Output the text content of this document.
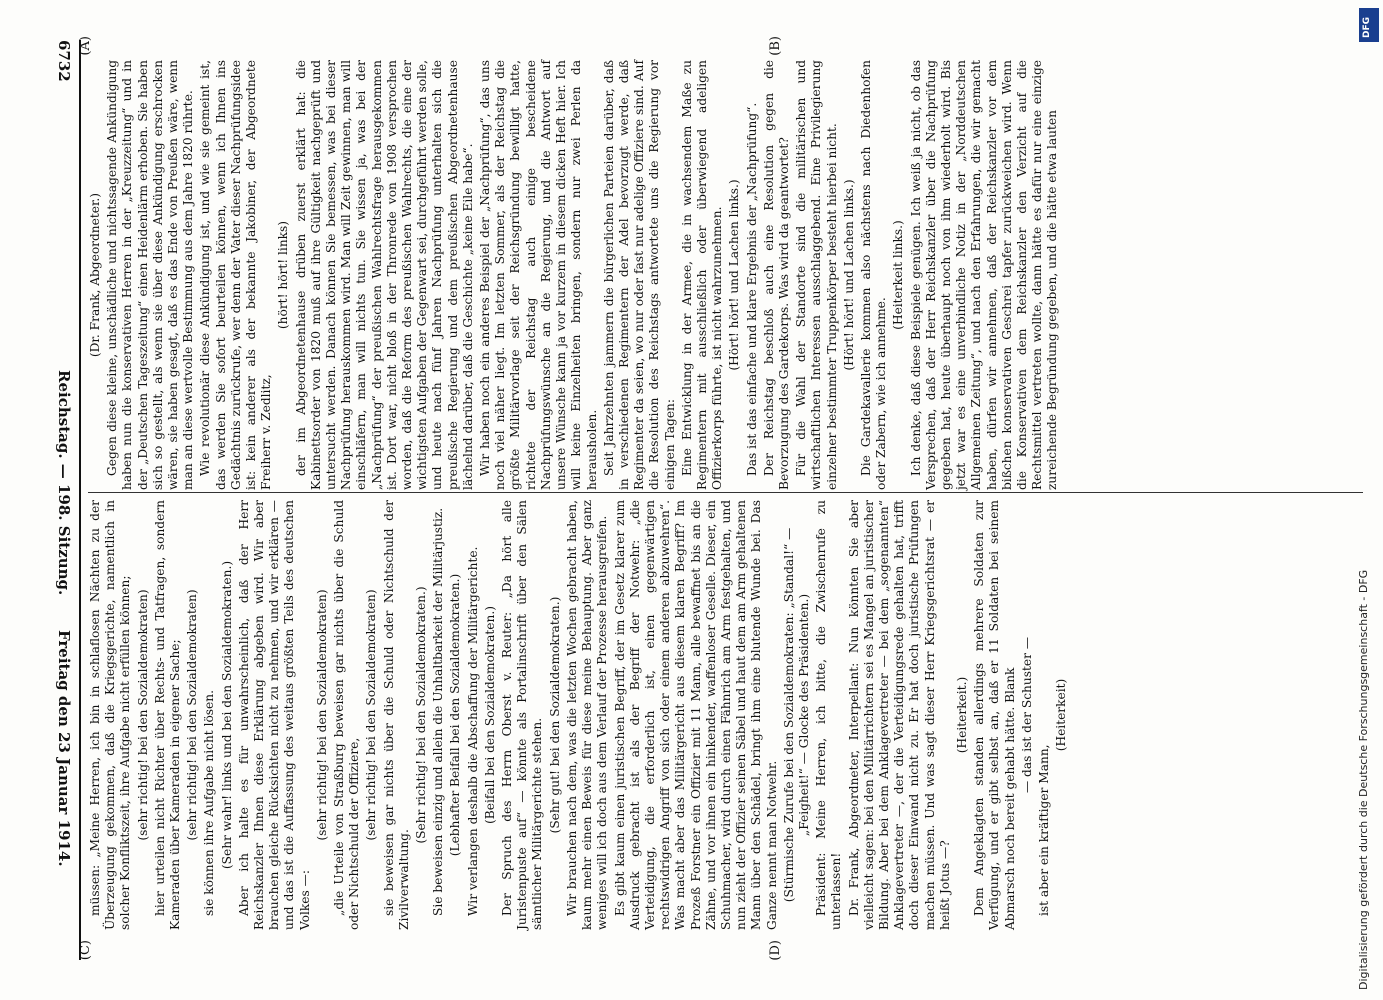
(Dr. Frank, Abgeordneter.) Gegen diese kleine, unschädliche und nichtssagende Ankündigung haben nun die konservativen Herren in der „Kreuzzeitung“ und in der „Deutschen Tageszeitung“ einen Heidenlärm erhoben. Sie haben sich so gestellt, als wenn sie über diese Ankündigung erschrocken wären, sie haben gesagt, daß es das Ende von Preußen wäre, wenn man an diese wertvolle Bestimmung aus dem Jahre 1820 rührte. Wie revolutionär diese Ankündigung ist, und wie sie gemeint ist, das werden Sie sofort beurteilen können, wenn ich Ihnen ins Gedächtnis zurückrufe, wer denn der Vater dieser Nachprüfungsidee ist: kein anderer als der bekannte Jakobiner, der Abgeordnete Freiherr v. Zedlitz,

(hört! hört! links) der im Abgeordnetenhause drüben zuerst erklärt hat: die Kabinettsorder von 1820 muß auf ihre Gültigkeit nachgeprüft und untersucht werden. Danach können Sie bemessen, was bei dieser Nachprüfung herauskommen wird. Man will Zeit gewinnen, man will einschläfern, man will nichts tun. Sie wissen ja, was bei der „Nachprüfung“ der preußischen Wahlrechtsfrage herausgekommen ist. Dort war, nicht bloß in der Thronrede von 1908 versprochen worden, daß die Reform des preußischen Wahlrechts, die eine der wichtigsten Aufgaben der Gegenwart sei, durchgeführt werden solle, und heute nach fünf Jahren Nachprüfung unterhalten sich die preußische Regierung und dem preußischen Abgeordnetenhause lächelnd darüber, daß die Geschichte „keine Eile habe“. Wir haben noch ein anderes Beispiel der „Nachprüfung“, das uns noch viel näher liegt. Im letzten Sommer, als der Reichstag die größte Militärvorlage seit der Reichsgründung bewilligt hatte, richtete der Reichstag auch einige bescheidene Nachprüfungswünsche an die Regierung, und die Antwort auf unsere Wünsche kann ja vor kurzem in diesem dicken Heft hier. Ich will keine Einzelheiten bringen, sondern nur zwei Perlen da herausholen. Seit Jahrzehnten jammern die bürgerlichen Parteien darüber, daß in verschiedenen Regimentern der Adel bevorzugt werde, daß Regimenter da seien, wo nur oder fast nur adelige Offiziere sind. Auf die Resolution des Reichstags antwortete uns die Regierung vor einigen Tagen: Eine Entwicklung in der Armee, die in wachsendem Maße zu Regimentern mit ausschließlich oder überwiegend adeligen Offizierkorps führte, ist nicht wahrzunehmen. (Hört! hört! und Lachen links.) Das ist das einfache und klare Ergebnis der „Nachprüfung“. Der Reichstag beschloß auch eine Resolution gegen die Bevorzugung des Gardekorps. Was wird da geantwortet? Für die Wahl der Standorte sind die militärischen und wirtschaftlichen Interessen ausschlaggebend. Eine Privilegierung einzelner bestimmter Truppenkörper besteht hierbei nicht. (Hört! hört! und Lachen links.) Die Gardekavallerie kommen also nächstens nach Diedenhofen oder Zabern, wie ich annehme.

(Heiterkeit links.) Ich denke, daß diese Beispiele genügen. Ich weiß ja nicht, ob das Versprechen, daß der Herr Reichskanzler über die Nachprüfung gegeben hat, heute überhaupt noch von ihm wiederholt wird. Bis jetzt war es eine unverbindliche Notiz in der „Norddeutschen Allgemeinen Zeitung“, und nach den Erfahrungen, die wir gemacht haben, dürfen wir annehmen, daß der Reichskanzler vor dem bißchen konservativen Geschrei tapfer zurückweichen wird. Wenn die Konservativen dem Reichskanzler den Verzicht auf die Rechtsmittel vertreten wollte, dann hätte es dafür nur eine einzige zureichende Begründung gegeben, und die hätte etwa lauten

müssen: „Meine Herren, ich bin in schlaflosen Nächten zu der Überzeugung gekommen, daß die Kriegsgerichte, namentlich in solcher Konfliktszeit, ihre Aufgabe nicht erfüllen können; (sehr richtig! bei den Sozialdemokraten) hier urteilen nicht Richter über Rechts- und Tatfragen, sondern Kameraden über Kameraden in eigener Sache; (sehr richtig! bei den Sozialdemokraten) sie können ihre Aufgabe nicht lösen. (Sehr wahr! links und bei den Sozialdemokraten.) Aber ich halte es für unwahrscheinlich, daß der Herr Reichskanzler Ihnen diese Erklärung abgeben wird. Wir aber brauchen gleiche Rücksichten nicht zu nehmen, und wir erklären — und das ist die Auffassung des weitaus größten Teils des deutschen Volkes —:

(sehr richtig! bei den Sozialdemokraten) „die Urteile von Straßburg beweisen gar nichts über die Schuld oder Nichtschuld der Offiziere, (sehr richtig! bei den Sozialdemokraten) sie beweisen gar nichts über die Schuld oder Nichtschuld der Zivilverwaltung.

(Sehr richtig! bei den Sozialdemokraten.) Sie beweisen einzig und allein die Unhaltbarkeit der Militärjustiz. (Lebhafter Beifall bei den Sozialdemokraten.) Wir verlangen deshalb die Abschaffung der Militärgerichte. (Beifall bei den Sozialdemokraten.) Der Spruch des Herrn Oberst v. Reuter: „Da hört alle Juristenpuste auf“ — könnte als Portalinschrift über den Sälen sämtlicher Militärgerichte stehen. (Sehr gut! bei den Sozialdemokraten.) Wir brauchen nach dem, was die letzten Wochen gebracht haben, kaum mehr einen Beweis für diese meine Behauptung. Aber ganz weniges will ich doch aus dem Verlauf der Prozesse herausgreifen. Es gibt kaum einen juristischen Begriff, der im Gesetz klarer zum Ausdruck gebracht ist als der Begriff der Notwehr: „die Verteidigung, die erforderlich ist, einen gegenwärtigen rechtswidrigen Angriff von sich oder einem anderen abzuwehren“. Was macht aber das Militärgericht aus diesem klaren Begriff? Im Prozeß Forstner ein Offizier mit 11 Mann, alle bewaffnet bis an die Zähne, und vor ihnen ein hinkender, waffenloser Geselle. Dieser, ein Schuhmacher, wird durch einen Fähnrich am Arm festgehalten, und nun zieht der Offizier seinen Säbel und haut dem am Arm gehaltenen Mann über den Schädel, bringt ihm eine blutende Wunde bei. Das Ganze nennt man Notwehr. (Stürmische Zurufe bei den Sozialdemokraten: „Standal!“ — „Feigheit!“ — Glocke des Präsidenten.) Präsident: Meine Herren, ich bitte, die Zwischenrufe zu unterlassen! Dr. Frank, Abgeordneter, Interpellant: Nun könnten Sie aber vielleicht sagen: bei den Militärrichtern sei es Mangel an juristischer Bildung. Aber bei dem Anklagevertreter — bei dem „sogenannten“ Anklagevertreter —, der die Verteidigungsrede gehalten hat, trifft doch dieser Einwand nicht zu. Er hat doch juristische Prüfungen machen müssen. Und was sagt dieser Herr Kriegsgerichtsrat — er heißt Jotus —?

(Heiterkeit.) Dem Angeklagten standen allerdings mehrere Soldaten zur Verfügung, und er gibt selbst an, daß er 11 Soldaten bei seinem Abmarsch noch bereit gehabt hätte. Blank — das ist der Schuster —

ist aber ein kräftiger Mann,

(Heiterkeit)

6732
Reichstag. — 198. Sitzung.
Freitag den 23 Januar 1914.
(A)	(B)
(C)	(D)	Digitalisierung gefördert durch die Deutsche Forschungsgemeinschaft - DFG
DFG
